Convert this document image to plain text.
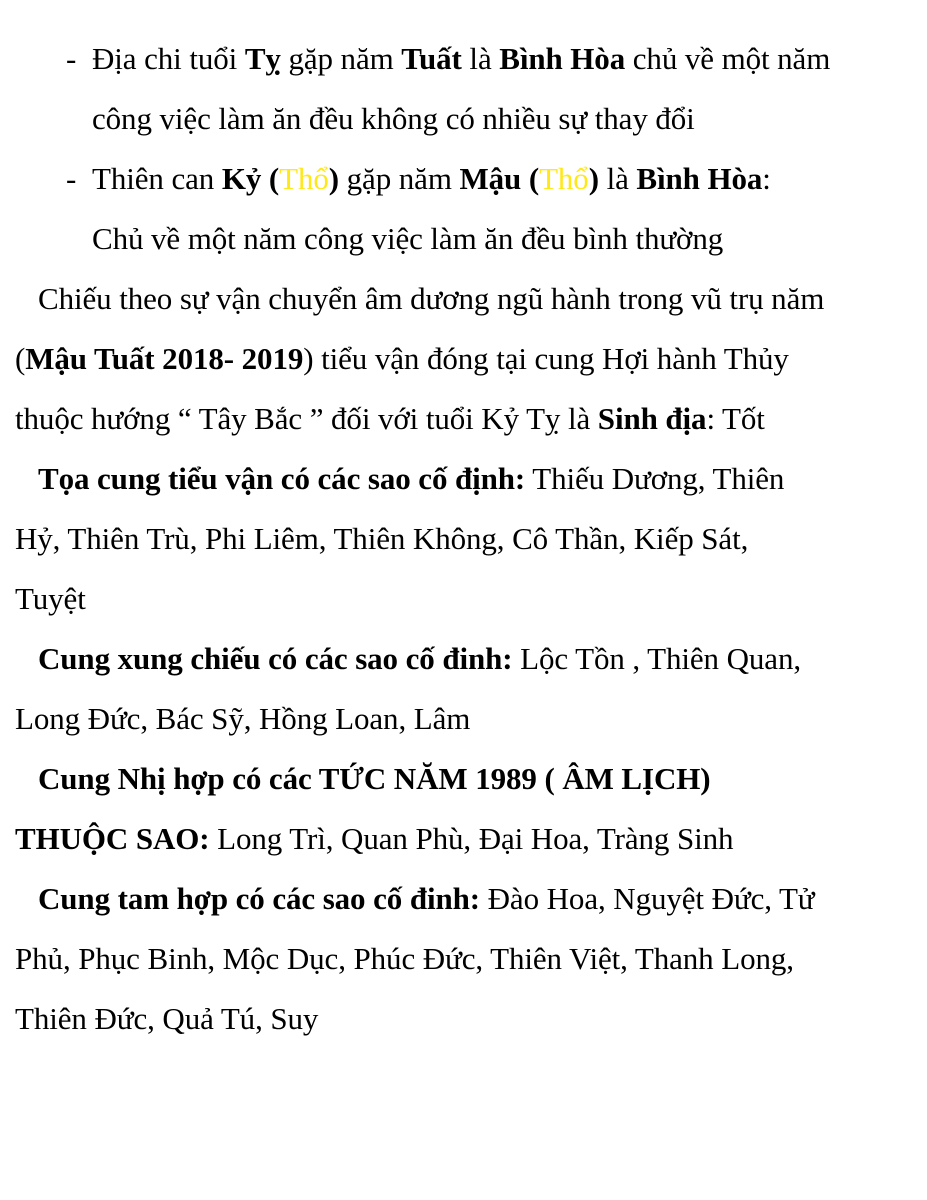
- Địa chi tuổi Tỵ gặp năm Tuất là Bình Hòa chủ về một năm
công việc làm ăn đều không có nhiều sự thay đổi
- Thiên can Kỷ (Thổ) gặp năm Mậu (Thổ) là Bình Hòa:
Chủ về một năm công việc làm ăn đều bình thường
Chiếu theo sự vận chuyển âm dương ngũ hành trong vũ trụ năm
(Mậu Tuất 2018- 2019) tiểu vận đóng tại cung Hợi hành Thủy
thuộc hướng “ Tây Bắc ” đối với tuổi Kỷ Tỵ là Sinh địa: Tốt
Tọa cung tiểu vận có các sao cố định: Thiếu Dương, Thiên
Hỷ, Thiên Trù, Phi Liêm, Thiên Không, Cô Thần, Kiếp Sát,
Tuyệt
Cung xung chiếu có các sao cố đinh: Lộc Tồn , Thiên Quan,
Long Đức, Bác Sỹ, Hồng Loan, Lâm
Cung Nhị hợp có các TỨC NĂM 1989 ( ÂM LỊCH)
THUỘC SAO: Long Trì, Quan Phù, Đại Hoa, Tràng Sinh
Cung tam hợp có các sao cố đinh: Đào Hoa, Nguyệt Đức, Tử
Phủ, Phục Binh, Mộc Dục, Phúc Đức, Thiên Việt, Thanh Long,
Thiên Đức, Quả Tú, Suy
